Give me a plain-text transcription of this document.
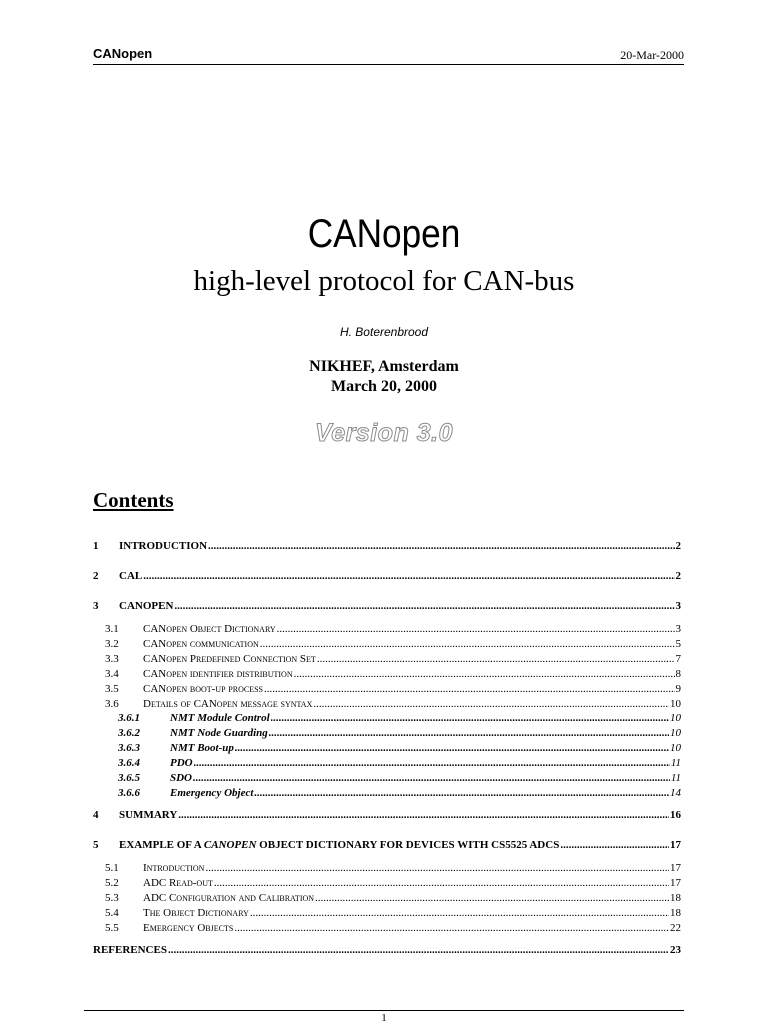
CANopen	20-Mar-2000
CANopen
high-level protocol for CAN-bus
H. Boterenbrood
NIKHEF, Amsterdam
March 20, 2000
Version 3.0
Contents
1	INTRODUCTION .....	2
2	CAL .....	2
3	CANOPEN .....	3
3.1	CANopen Object Dictionary .....	3
3.2	CANopen communication .....	5
3.3	CANopen Predefined Connection Set .....	7
3.4	CANopen identifier distribution .....	8
3.5	CANopen boot-up process .....	9
3.6	Details of CANopen message syntax .....	10
3.6.1	NMT Module Control .....	10
3.6.2	NMT Node Guarding .....	10
3.6.3	NMT Boot-up .....	10
3.6.4	PDO .....	11
3.6.5	SDO .....	11
3.6.6	Emergency Object .....	14
4	SUMMARY .....	16
5	EXAMPLE OF A CANOPEN OBJECT DICTIONARY FOR DEVICES WITH CS5525 ADCS .....	17
5.1	Introduction .....	17
5.2	ADC Read-out .....	17
5.3	ADC Configuration and Calibration .....	18
5.4	The Object Dictionary .....	18
5.5	Emergency Objects .....	22
REFERENCES .....	23
1
